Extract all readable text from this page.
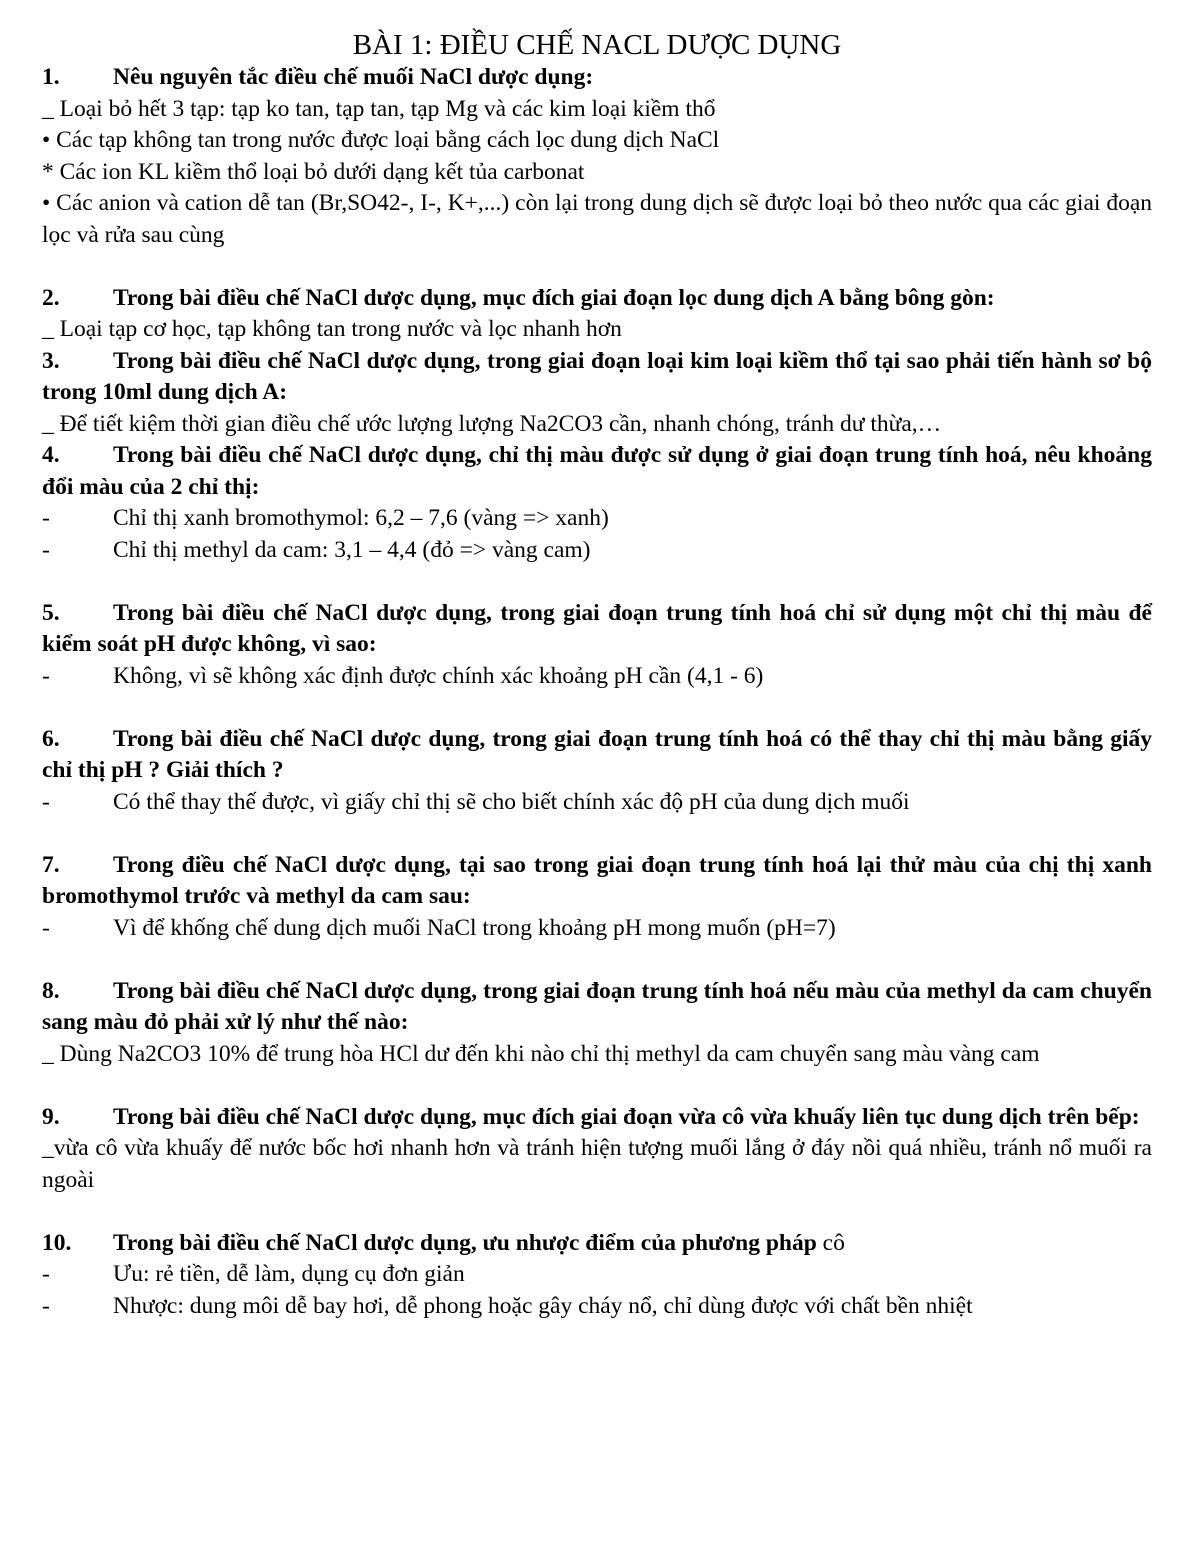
BÀI 1: ĐIỀU CHẾ NACL DƯỢC DỤNG

1. Nêu nguyên tắc điều chế muối NaCl dược dụng:

_ Loại bỏ hết 3 tạp: tạp ko tan, tạp tan, tạp Mg và các kim loại kiềm thổ

• Các tạp không tan trong nước được loại bằng cách lọc dung dịch NaCl

* Các ion KL kiềm thổ loại bỏ dưới dạng kết tủa carbonat

• Các anion và cation dễ tan (Br,SO42-, I-, K+,...) còn lại trong dung dịch sẽ được loại bỏ theo nước qua các giai đoạn lọc và rửa sau cùng

2. Trong bài điều chế NaCl dược dụng, mục đích giai đoạn lọc dung dịch A bằng bông gòn:

_ Loại tạp cơ học, tạp không tan trong nước và lọc nhanh hơn

3. Trong bài điều chế NaCl dược dụng, trong giai đoạn loại kim loại kiềm thổ tại sao phải tiến hành sơ bộ trong 10ml dung dịch A:

_ Để tiết kiệm thời gian điều chế ước lượng lượng Na2CO3 cần, nhanh chóng, tránh dư thừa,…

4. Trong bài điều chế NaCl dược dụng, chỉ thị màu được sử dụng ở giai đoạn trung tính hoá, nêu khoảng đổi màu của 2 chỉ thị:

-	Chỉ thị xanh bromothymol: 6,2 – 7,6 (vàng => xanh)
-	Chỉ thị methyl da cam: 3,1 – 4,4 (đỏ => vàng cam)

5. Trong bài điều chế NaCl dược dụng, trong giai đoạn trung tính hoá chỉ sử dụng một chỉ thị màu để kiểm soát pH được không, vì sao:

-	Không, vì sẽ không xác định được chính xác khoảng pH cần (4,1 - 6)

6. Trong bài điều chế NaCl dược dụng, trong giai đoạn trung tính hoá có thể thay chỉ thị màu bằng giấy chỉ thị pH ? Giải thích ?

-	Có thể thay thế được, vì giấy chỉ thị sẽ cho biết chính xác độ pH của dung dịch muối

7. Trong điều chế NaCl dược dụng, tại sao trong giai đoạn trung tính hoá lại thử màu của chị thị xanh bromothymol trước và methyl da cam sau:

-	Vì để khống chế dung dịch muối NaCl trong khoảng pH mong muốn (pH=7)

8. Trong bài điều chế NaCl dược dụng, trong giai đoạn trung tính hoá nếu màu của methyl da cam chuyển sang màu đỏ phải xử lý như thế nào:

_ Dùng Na2CO3 10% để trung hòa HCl dư đến khi nào chỉ thị methyl da cam chuyển sang màu vàng cam

9. Trong bài điều chế NaCl dược dụng, mục đích giai đoạn vừa cô vừa khuấy liên tục dung dịch trên bếp:

_vừa cô vừa khuấy để nước bốc hơi nhanh hơn và tránh hiện tượng muối lắng ở đáy nồi quá nhiều, tránh nổ muối ra ngoài

10. Trong bài điều chế NaCl dược dụng, ưu nhược điểm của phương pháp cô

-	Ưu: rẻ tiền, dễ làm, dụng cụ đơn giản
-	Nhược: dung môi dễ bay hơi, dễ phong hoặc gây cháy nổ, chỉ dùng được với chất bền nhiệt
